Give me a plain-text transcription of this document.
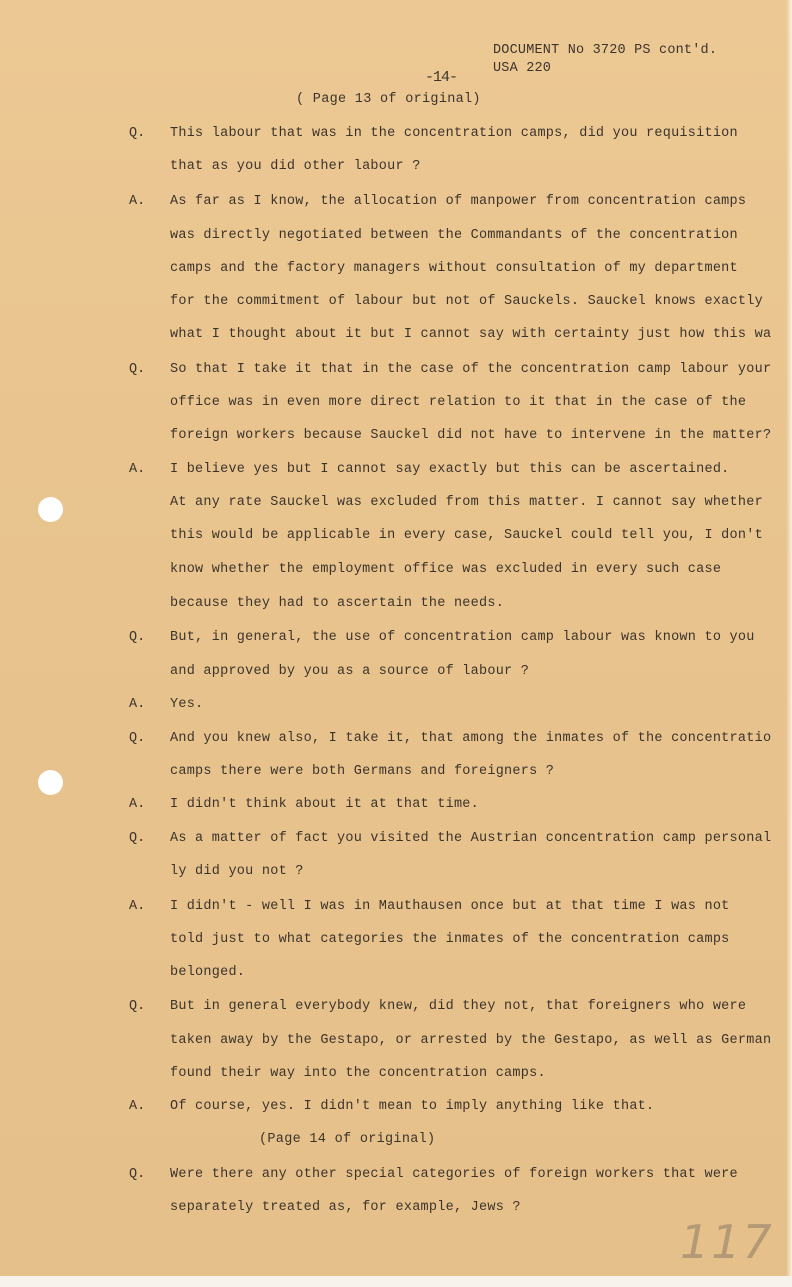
DOCUMENT No 3720 PS cont'd.
USA 220
-14-
( Page 13 of original)
Q. This labour that was in the concentration camps, did you requisition
that as you did other labour ?
A. As far as I know, the allocation of manpower from concentration camps
was directly negotiated between the Commandants of the concentration
camps and the factory managers without consultation of my department
for the commitment of labour but not of Sauckels. Sauckel knows exactly
what I thought about it but I cannot say with certainty just how this wa
Q. So that I take it that in the case of the concentration camp labour your
office was in even more direct relation to it that in the case of the
foreign workers because Sauckel did not have to intervene in the matter?
A. I believe yes but I cannot say exactly but this can be ascertained.
At any rate Sauckel was excluded from this matter. I cannot say whether
this would be applicable in every case, Sauckel could tell you, I don't
know whether the employment office was excluded in every such case
because they had to ascertain the needs.
Q. But, in general, the use of concentration camp labour was known to you
and approved by you as a source of labour ?
A. Yes.
Q. And you knew also, I take it, that among the inmates of the concentratio
camps there were both Germans and foreigners ?
A. I didn't think about it at that time.
Q. As a matter of fact you visited the Austrian concentration camp personal
ly did you not ?
A. I didn't - well I was in Mauthausen once but at that time I was not
told just to what categories the inmates of the concentration camps
belonged.
Q. But in general everybody knew, did they not, that foreigners who were
taken away by the Gestapo, or arrested by the Gestapo, as well as German
found their way into the concentration camps.
A. Of course, yes. I didn't mean to imply anything like that.
(Page 14 of original)
Q. Were there any other special categories of foreign workers that were
separately treated as, for example, Jews ?
117
